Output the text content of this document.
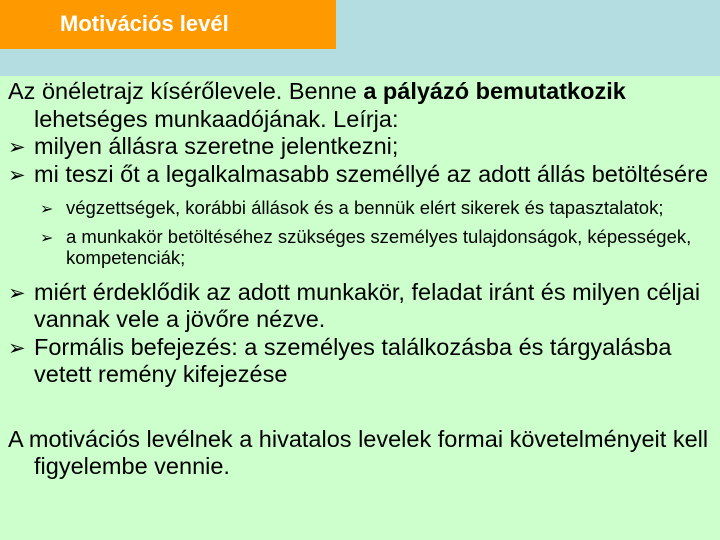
Motivációs levél

Az önéletrajz kísérőlevele. Benne a pályázó bemutatkozik lehetséges munkaadójának. Leírja:

➢ milyen állásra szeretne jelentkezni;
➢ mi teszi őt a legalkalmasabb személlyé az adott állás betöltésére
➢ végzettségek, korábbi állások és a bennük elért sikerek és tapasztalatok;
➢ a munkakör betöltéséhez szükséges személyes tulajdonságok, képességek, kompetenciák;
➢ miért érdeklődik az adott munkakör, feladat iránt és milyen céljai vannak vele a jövőre nézve.
➢ Formális befejezés: a személyes találkozásba és tárgyalásba vetett remény kifejezése

A motivációs levélnek a hivatalos levelek formai követelményeit kell figyelembe vennie.
